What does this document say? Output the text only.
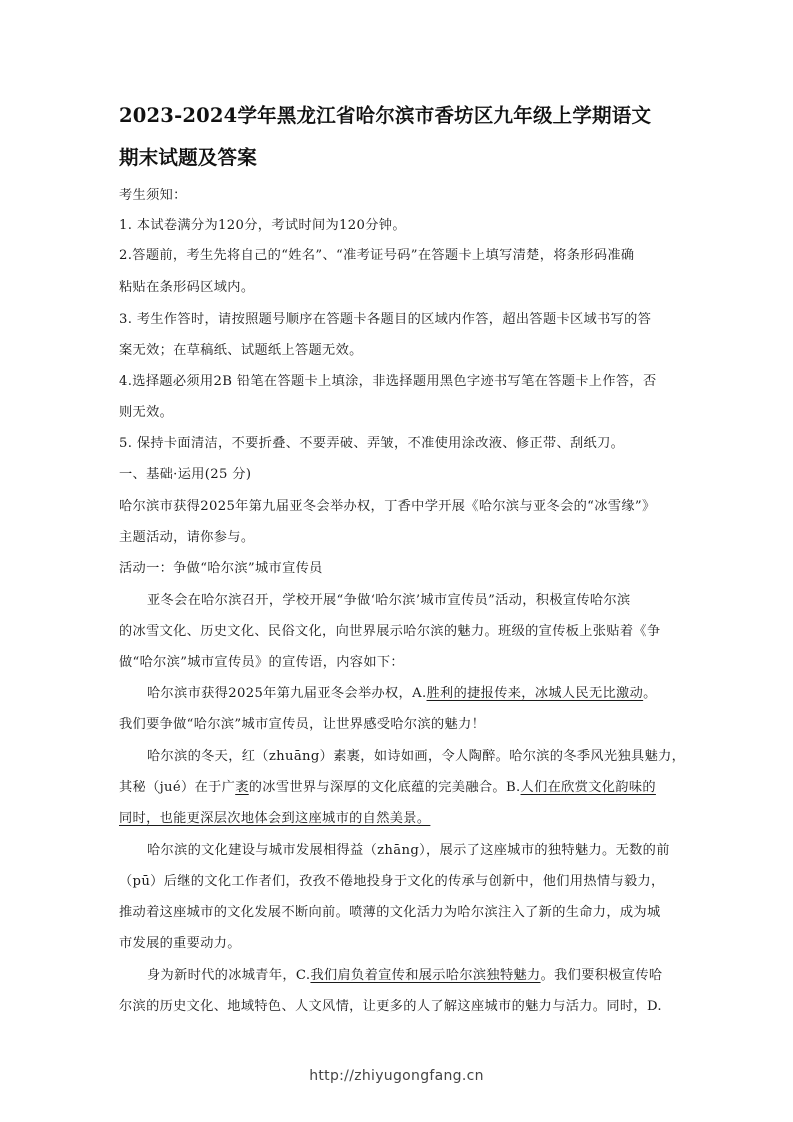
2023-2024学年黑龙江省哈尔滨市香坊区九年级上学期语文
期末试题及答案
考生须知：
1. 本试卷满分为120分，考试时间为120分钟。
2.答题前，考生先将自己的“姓名”、“准考证号码”在答题卡上填写清楚，将条形码准确
粘贴在条形码区域内。
3. 考生作答时，请按照题号顺序在答题卡各题目的区域内作答，超出答题卡区域书写的答
案无效；在草稿纸、试题纸上答题无效。
4.选择题必须用2B 铅笔在答题卡上填涂，非选择题用黑色字迹书写笔在答题卡上作答，否
则无效。
5. 保持卡面清洁，不要折叠、不要弄破、弄皱，不准使用涂改液、修正带、刮纸刀。
一、基础·运用(25 分)
哈尔滨市获得2025年第九届亚冬会举办权，丁香中学开展《哈尔滨与亚冬会的“冰雪缘”》
主题活动，请你参与。
活动一：争做“哈尔滨”城市宣传员
亚冬会在哈尔滨召开，学校开展“争做‘哈尔滨’城市宣传员”活动，积极宣传哈尔滨
的冰雪文化、历史文化、民俗文化，向世界展示哈尔滨的魅力。班级的宣传板上张贴着《争
做“哈尔滨”城市宣传员》的宣传语，内容如下：
哈尔滨市获得2025年第九届亚冬会举办权，A.胜利的捷报传来，冰城人民无比激动。
我们要争做“哈尔滨”城市宣传员，让世界感受哈尔滨的魅力！
哈尔滨的冬天，红（zhuāng）素裹，如诗如画，令人陶醉。哈尔滨的冬季风光独具魅力，
其秘（jué）在于广袤的冰雪世界与深厚的文化底蕴的完美融合。B.人们在欣赏文化韵味的
同时，也能更深层次地体会到这座城市的自然美景。
哈尔滨的文化建设与城市发展相得益（zhāng），展示了这座城市的独特魅力。无数的前
（pū）后继的文化工作者们，孜孜不倦地投身于文化的传承与创新中，他们用热情与毅力，
推动着这座城市的文化发展不断向前。喷薄的文化活力为哈尔滨注入了新的生命力，成为城
市发展的重要动力。
身为新时代的冰城青年，C.我们肩负着宣传和展示哈尔滨独特魅力。我们要积极宣传哈
尔滨的历史文化、地域特色、人文风情，让更多的人了解这座城市的魅力与活力。同时，D.
http://zhiyugongfang.cn
